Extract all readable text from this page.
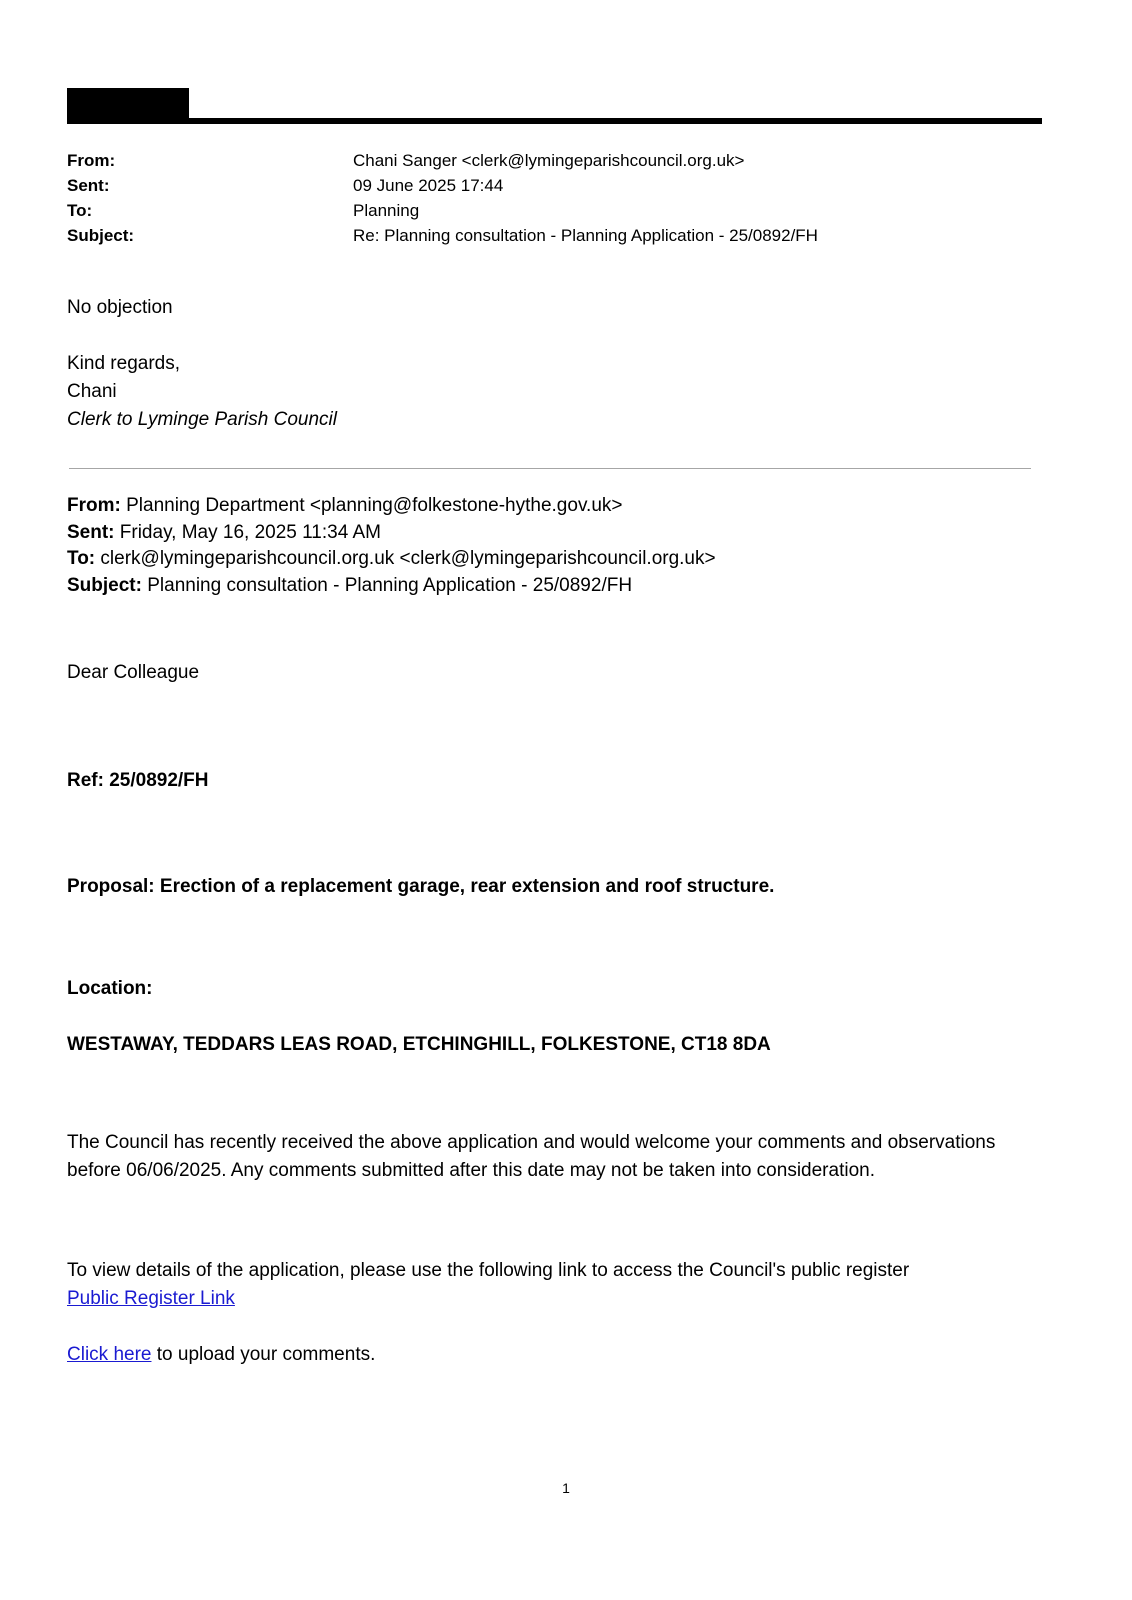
From:	Chani Sanger <clerk@lymingeparishcouncil.org.uk>
Sent:	09 June 2025 17:44
To:	Planning
Subject:	Re: Planning consultation - Planning Application - 25/0892/FH
No objection
Kind regards,
Chani
Clerk to Lyminge Parish Council
From: Planning Department <planning@folkestone-hythe.gov.uk>
Sent: Friday, May 16, 2025 11:34 AM
To: clerk@lymingeparishcouncil.org.uk <clerk@lymingeparishcouncil.org.uk>
Subject: Planning consultation - Planning Application - 25/0892/FH
Dear Colleague
Ref: 25/0892/FH
Proposal: Erection of a replacement garage, rear extension and roof structure.
Location:
WESTAWAY, TEDDARS LEAS ROAD, ETCHINGHILL, FOLKESTONE, CT18 8DA
The Council has recently received the above application and would welcome your comments and observations before 06/06/2025. Any comments submitted after this date may not be taken into consideration.
To view details of the application, please use the following link to access the Council's public register
Public Register Link
Click here to upload your comments.
1
